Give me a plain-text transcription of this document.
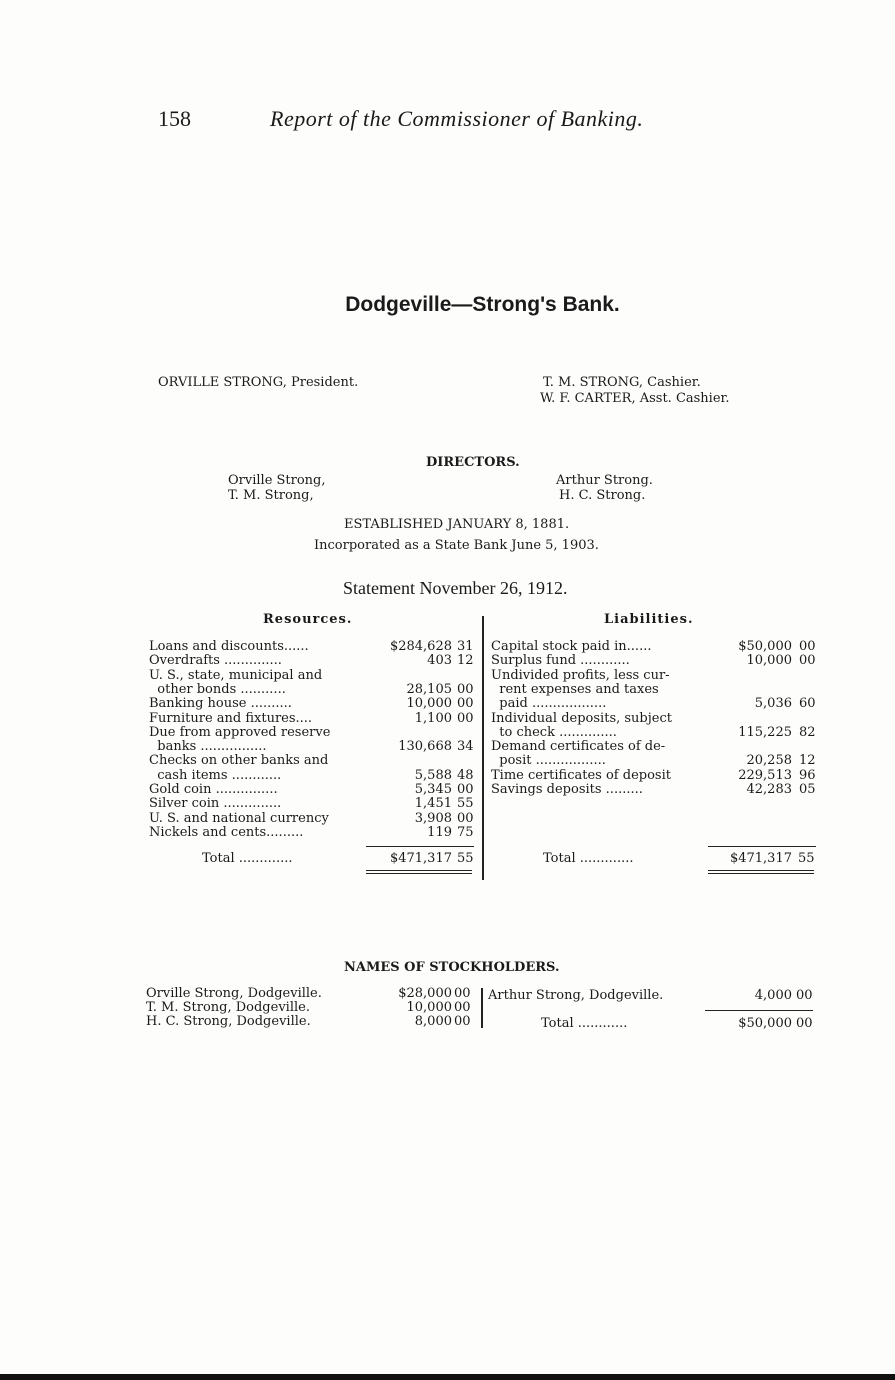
158	Report of the Commissioner of Banking.
Dodgeville—Strong's Bank.
ORVILLE STRONG, President.	T. M. STRONG, Cashier.
W. F. CARTER, Asst. Cashier.
DIRECTORS.
Orville Strong,
T. M. Strong,
Arthur Strong.
H. C. Strong.
ESTABLISHED JANUARY 8, 1881.
Incorporated as a State Bank June 5, 1903.
Statement November 26, 1912.
Resources.	Liabilities.
Loans and discounts......	$284,628 31
Overdrafts ..............	403 12
U. S., state, municipal and
other bonds ...........	28,105 00
Banking house ..........	10,000 00
Furniture and fixtures....	1,100 00
Due from approved reserve
banks ................	130,668 34
Checks on other banks and
cash items ............	5,588 48
Gold coin ...............	5,345 00
Silver coin ..............	1,451 55
U. S. and national currency	3,908 00
Nickels and cents.........	119 75
Capital stock paid in......	$50,000 00
Surplus fund ............	10,000 00
Undivided profits, less cur-
rent expenses and taxes
paid ..................	5,036 60
Individual deposits, subject
to check ..............	115,225 82
Demand certificates of de-
posit .................	20,258 12
Time certificates of deposit	229,513 96
Savings deposits .........	42,283 05
Total .............	$471,317 55	Total .............	$471,317 55
NAMES OF STOCKHOLDERS.
Orville Strong, Dodgeville.	$28,000 00
T. M. Strong, Dodgeville.	10,000 00
H. C. Strong, Dodgeville.	8,000 00
Arthur Strong, Dodgeville.	4,000 00
Total ............	$50,000 00
